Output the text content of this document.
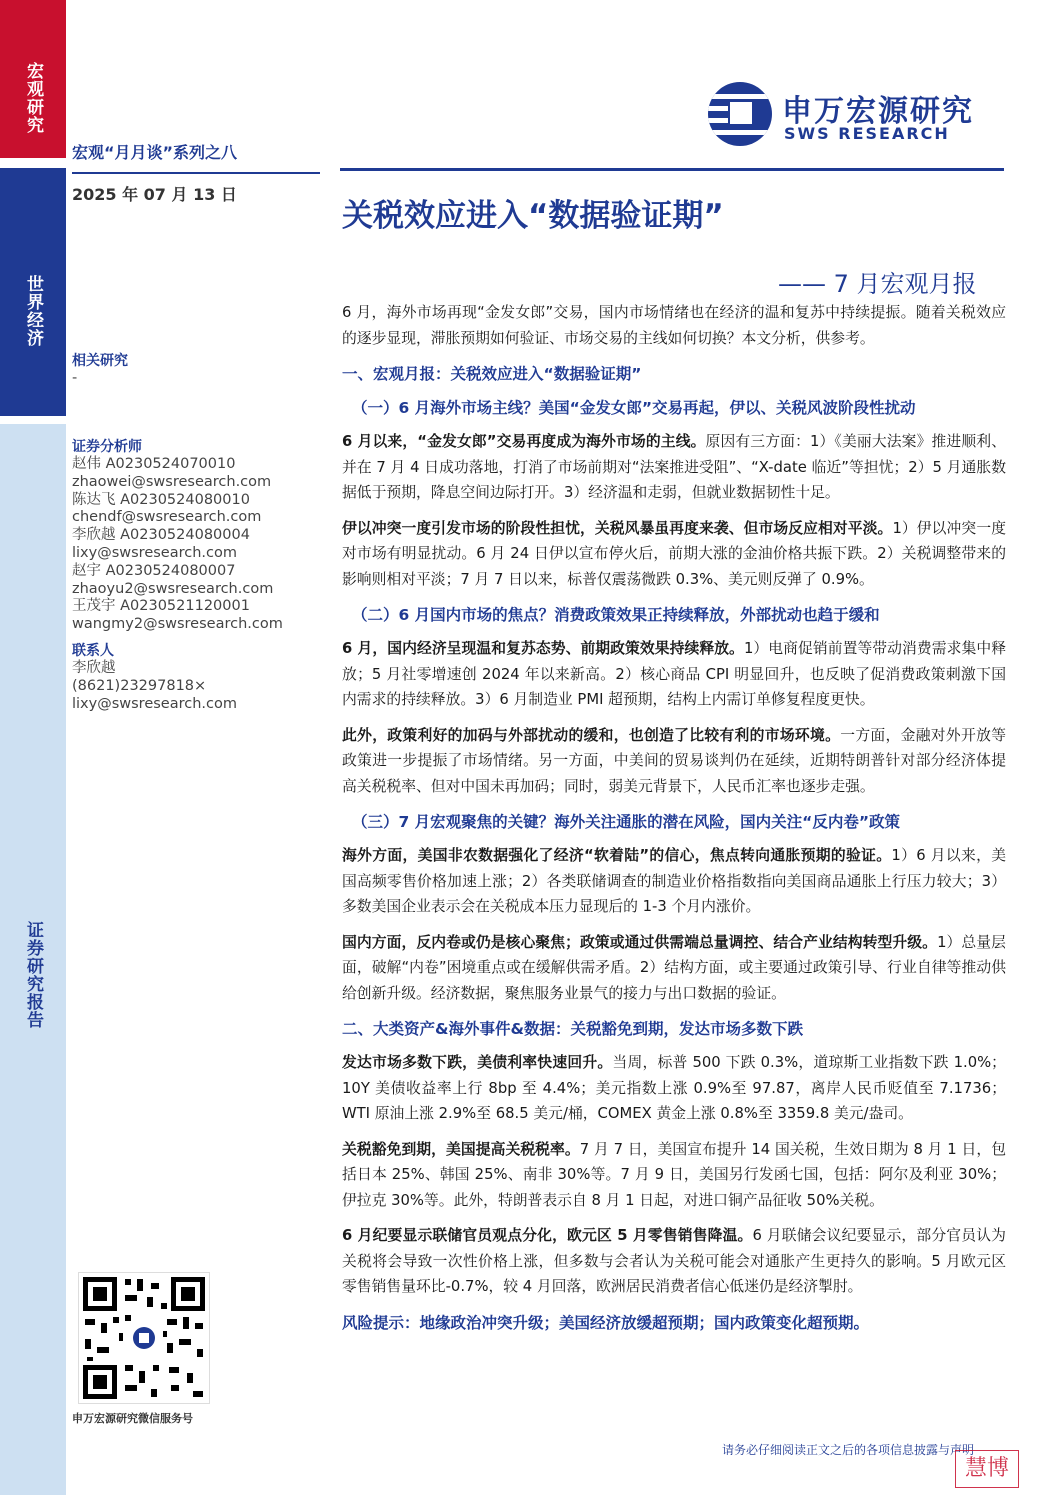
宏观研究
世界经济
证券研究报告
宏观“月月谈”系列之八
2025 年 07 月 13 日
申万宏源研究
SWS RESEARCH
关税效应进入“数据验证期”
—— 7 月宏观月报
相关研究
-
证券分析师
赵伟 A0230524070010
zhaowei@swsresearch.com
陈达飞 A0230524080010
chendf@swsresearch.com
李欣越 A0230524080004
lixy@swsresearch.com
赵宇 A0230524080007
zhaoyu2@swsresearch.com
王茂宇 A0230521120001
wangmy2@swsresearch.com
联系人
李欣越
(8621)23297818×
lixy@swsresearch.com
申万宏源研究微信服务号

6 月，海外市场再现“金发女郎”交易，国内市场情绪也在经济的温和复苏中持续提振。随着关税效应的逐步显现，滞胀预期如何验证、市场交易的主线如何切换？本文分析，供参考。

一、宏观月报：关税效应进入“数据验证期”
（一）6 月海外市场主线？美国“金发女郎”交易再起，伊以、关税风波阶段性扰动

6 月以来，“金发女郎”交易再度成为海外市场的主线。原因有三方面：1）《美丽大法案》推进顺利、并在 7 月 4 日成功落地，打消了市场前期对“法案推进受阻”、“X-date 临近”等担忧；2）5 月通胀数据低于预期，降息空间边际打开。3）经济温和走弱，但就业数据韧性十足。

伊以冲突一度引发市场的阶段性担忧，关税风暴虽再度来袭、但市场反应相对平淡。1）伊以冲突一度对市场有明显扰动。6 月 24 日伊以宣布停火后，前期大涨的金油价格共振下跌。2）关税调整带来的影响则相对平淡；7 月 7 日以来，标普仅震荡微跌 0.3%、美元则反弹了 0.9%。

（二）6 月国内市场的焦点？消费政策效果正持续释放，外部扰动也趋于缓和

6 月，国内经济呈现温和复苏态势、前期政策效果持续释放。1）电商促销前置等带动消费需求集中释放；5 月社零增速创 2024 年以来新高。2）核心商品 CPI 明显回升，也反映了促消费政策刺激下国内需求的持续释放。3）6 月制造业 PMI 超预期，结构上内需订单修复程度更快。

此外，政策利好的加码与外部扰动的缓和，也创造了比较有利的市场环境。一方面，金融对外开放等政策进一步提振了市场情绪。另一方面，中美间的贸易谈判仍在延续，近期特朗普针对部分经济体提高关税税率、但对中国未再加码；同时，弱美元背景下，人民币汇率也逐步走强。

（三）7 月宏观聚焦的关键？海外关注通胀的潜在风险，国内关注“反内卷”政策

海外方面，美国非农数据强化了经济“软着陆”的信心，焦点转向通胀预期的验证。1）6 月以来，美国高频零售价格加速上涨；2）各类联储调查的制造业价格指数指向美国商品通胀上行压力较大；3）多数美国企业表示会在关税成本压力显现后的 1-3 个月内涨价。

国内方面，反内卷或仍是核心聚焦；政策或通过供需端总量调控、结合产业结构转型升级。1）总量层面，破解“内卷”困境重点或在缓解供需矛盾。2）结构方面，或主要通过政策引导、行业自律等推动供给创新升级。经济数据，聚焦服务业景气的接力与出口数据的验证。

二、大类资产&海外事件&数据：关税豁免到期，发达市场多数下跌

发达市场多数下跌，美债利率快速回升。当周，标普 500 下跌 0.3%，道琼斯工业指数下跌 1.0%；10Y 美债收益率上行 8bp 至 4.4%；美元指数上涨 0.9%至 97.87，离岸人民币贬值至 7.1736；WTI 原油上涨 2.9%至 68.5 美元/桶，COMEX 黄金上涨 0.8%至 3359.8 美元/盎司。

关税豁免到期，美国提高关税税率。7 月 7 日，美国宣布提升 14 国关税，生效日期为 8 月 1 日，包括日本 25%、韩国 25%、南非 30%等。7 月 9 日，美国另行发函七国，包括：阿尔及利亚 30%；伊拉克 30%等。此外，特朗普表示自 8 月 1 日起，对进口铜产品征收 50%关税。

6 月纪要显示联储官员观点分化，欧元区 5 月零售销售降温。6 月联储会议纪要显示，部分官员认为关税将会导致一次性价格上涨，但多数与会者认为关税可能会对通胀产生更持久的影响。5 月欧元区零售销售量环比-0.7%，较 4 月回落，欧洲居民消费者信心低迷仍是经济掣肘。

风险提示：地缘政治冲突升级；美国经济放缓超预期；国内政策变化超预期。
请务必仔细阅读正文之后的各项信息披露与声明
慧博
